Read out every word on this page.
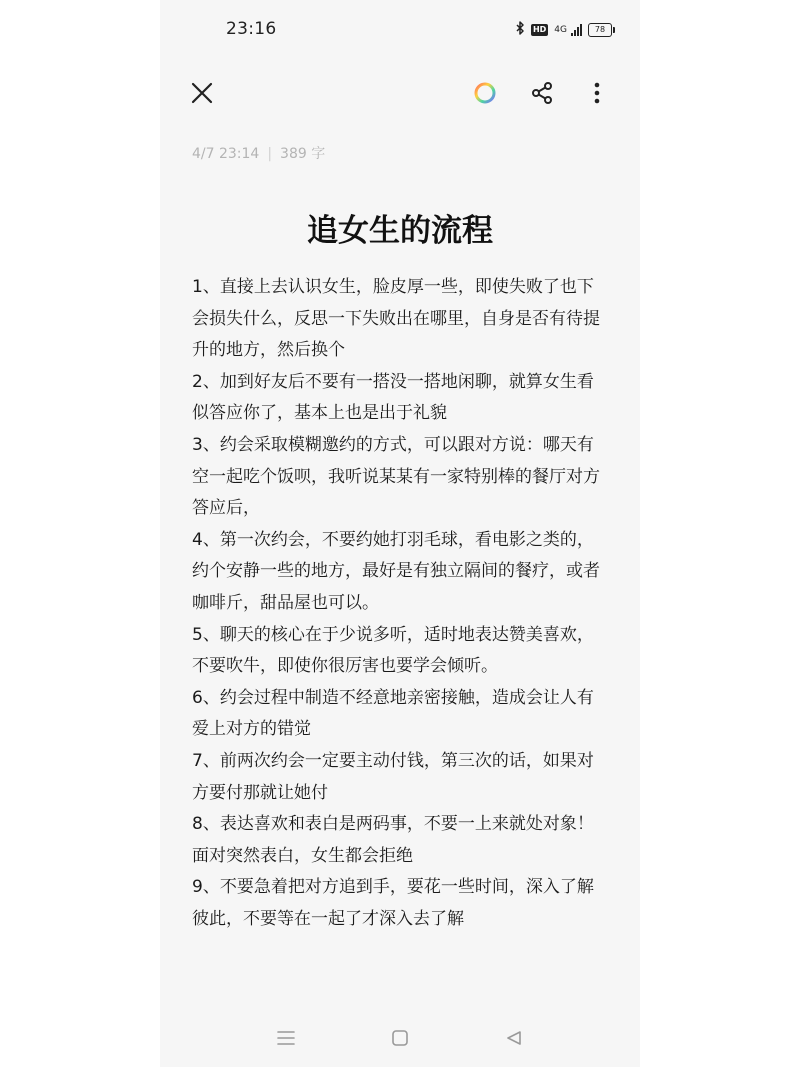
23:16	HD 4G	78
4/7 23:14 | 389 字
追女生的流程

1、直接上去认识女生，脸皮厚一些，即使失败了也下
会损失什么，反思一下失败出在哪里，自身是否有待提
升的地方，然后换个

2、加到好友后不要有一搭没一搭地闲聊，就算女生看
似答应你了，基本上也是出于礼貌

3、约会采取模糊邀约的方式，可以跟对方说：哪天有
空一起吃个饭呗，我听说某某有一家特别棒的餐厅对方
答应后，

4、第一次约会，不要约她打羽毛球，看电影之类的，
约个安静一些的地方，最好是有独立隔间的餐疗，或者
咖啡斤，甜品屋也可以。

5、聊天的核心在于少说多听，适时地表达赞美喜欢，
不要吹牛，即使你很厉害也要学会倾听。

6、约会过程中制造不经意地亲密接触，造成会让人有
爱上对方的错觉

7、前两次约会一定要主动付钱，第三次的话，如果对
方要付那就让她付

8、表达喜欢和表白是两码事，不要一上来就处对象！
面对突然表白，女生都会拒绝

9、不要急着把对方追到手，要花一些时间，深入了解
彼此，不要等在一起了才深入去了解
